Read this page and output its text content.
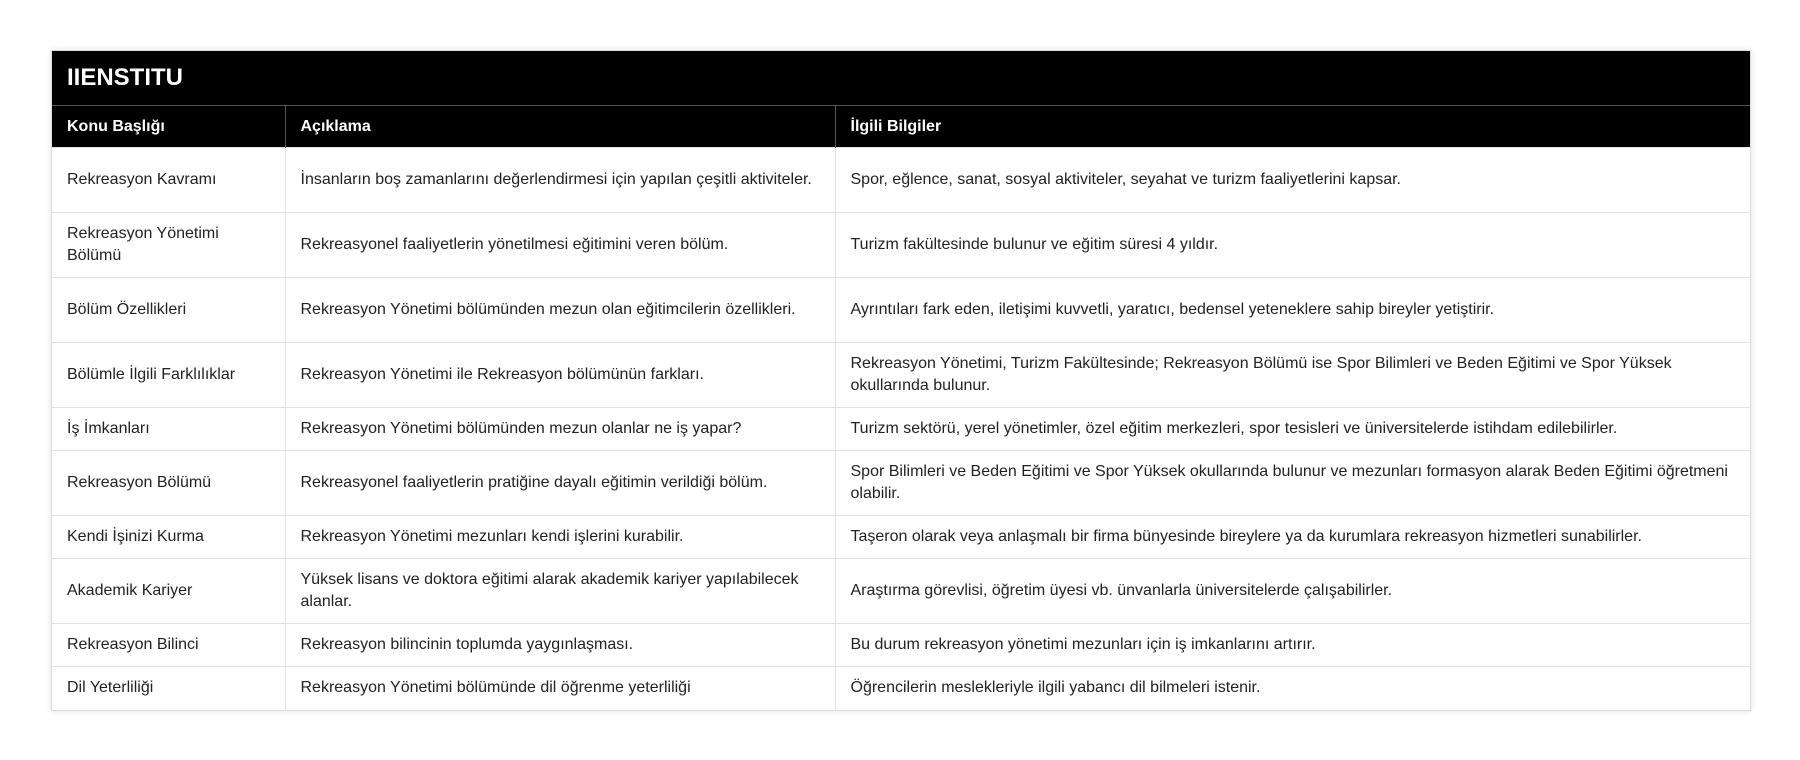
IIENSTITU
Konu Başlığı	Açıklama	İlgili Bilgiler
Rekreasyon Kavramı	İnsanların boş zamanlarını değerlendirmesi için yapılan çeşitli aktiviteler.	Spor, eğlence, sanat, sosyal aktiviteler, seyahat ve turizm faaliyetlerini kapsar.
Rekreasyon Yönetimi Bölümü	Rekreasyonel faaliyetlerin yönetilmesi eğitimini veren bölüm.	Turizm fakültesinde bulunur ve eğitim süresi 4 yıldır.
Bölüm Özellikleri	Rekreasyon Yönetimi bölümünden mezun olan eğitimcilerin özellikleri.	Ayrıntıları fark eden, iletişimi kuvvetli, yaratıcı, bedensel yeteneklere sahip bireyler yetiştirir.
Bölümle İlgili Farklılıklar	Rekreasyon Yönetimi ile Rekreasyon bölümünün farkları.	Rekreasyon Yönetimi, Turizm Fakültesinde; Rekreasyon Bölümü ise Spor Bilimleri ve Beden Eğitimi ve Spor Yüksek okullarında bulunur.
İş İmkanları	Rekreasyon Yönetimi bölümünden mezun olanlar ne iş yapar?	Turizm sektörü, yerel yönetimler, özel eğitim merkezleri, spor tesisleri ve üniversitelerde istihdam edilebilirler.
Rekreasyon Bölümü	Rekreasyonel faaliyetlerin pratiğine dayalı eğitimin verildiği bölüm.	Spor Bilimleri ve Beden Eğitimi ve Spor Yüksek okullarında bulunur ve mezunları formasyon alarak Beden Eğitimi öğretmeni olabilir.
Kendi İşinizi Kurma	Rekreasyon Yönetimi mezunları kendi işlerini kurabilir.	Taşeron olarak veya anlaşmalı bir firma bünyesinde bireylere ya da kurumlara rekreasyon hizmetleri sunabilirler.
Akademik Kariyer	Yüksek lisans ve doktora eğitimi alarak akademik kariyer yapılabilecek alanlar.	Araştırma görevlisi, öğretim üyesi vb. ünvanlarla üniversitelerde çalışabilirler.
Rekreasyon Bilinci	Rekreasyon bilincinin toplumda yaygınlaşması.	Bu durum rekreasyon yönetimi mezunları için iş imkanlarını artırır.
Dil Yeterliliği	Rekreasyon Yönetimi bölümünde dil öğrenme yeterliliği	Öğrencilerin meslekleriyle ilgili yabancı dil bilmeleri istenir.
